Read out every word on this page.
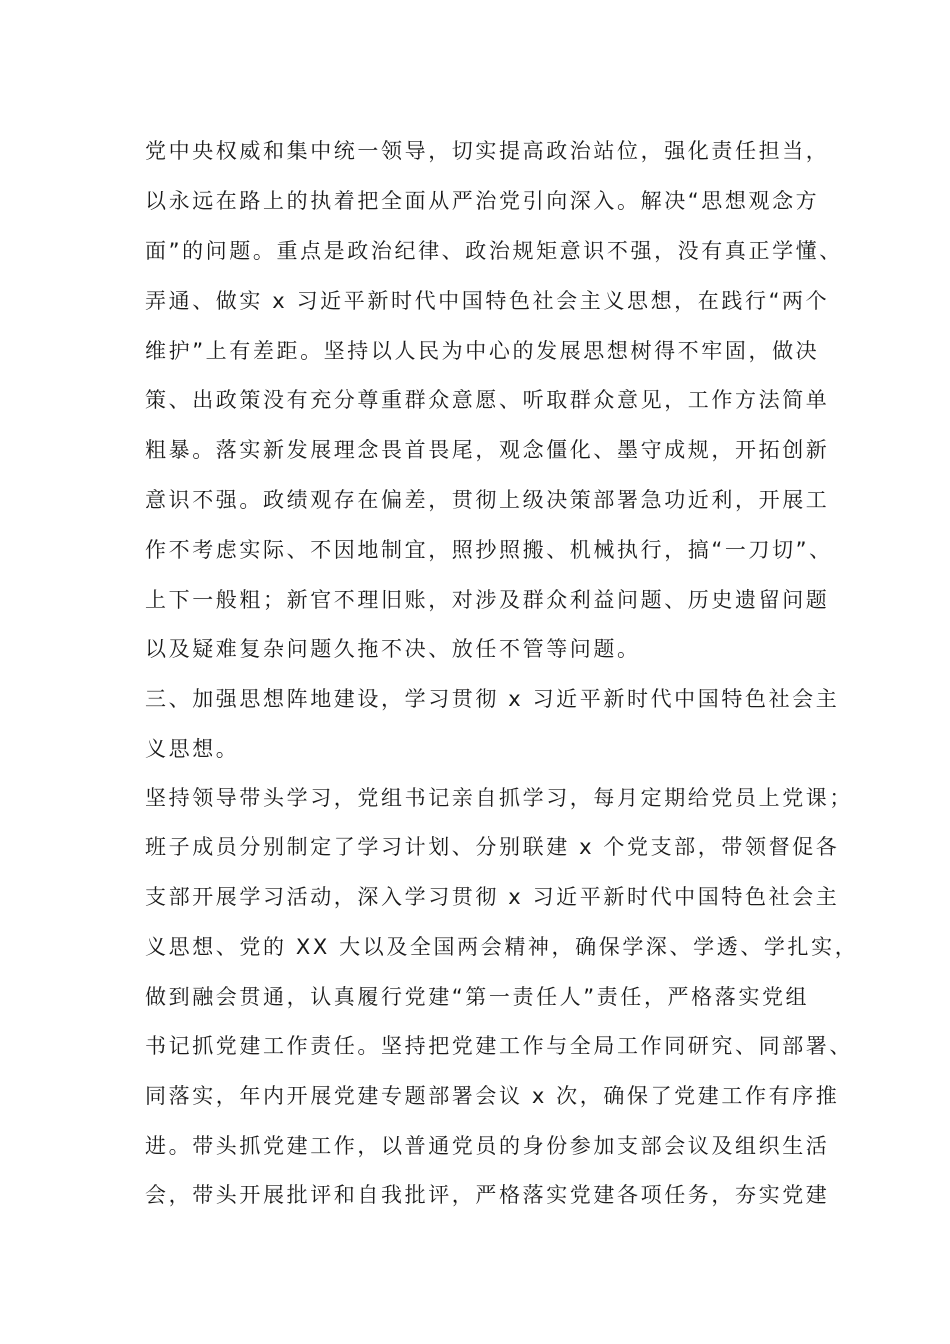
党中央权威和集中统一领导，切实提高政治站位，强化责任担当，
以永远在路上的执着把全面从严治党引向深入。解决“思想观念方
面”的问题。重点是政治纪律、政治规矩意识不强，没有真正学懂、
弄通、做实 x 习近平新时代中国特色社会主义思想，在践行“两个
维护”上有差距。坚持以人民为中心的发展思想树得不牢固，做决
策、出政策没有充分尊重群众意愿、听取群众意见，工作方法简单
粗暴。落实新发展理念畏首畏尾，观念僵化、墨守成规，开拓创新
意识不强。政绩观存在偏差，贯彻上级决策部署急功近利，开展工
作不考虑实际、不因地制宜，照抄照搬、机械执行，搞“一刀切”、
上下一般粗；新官不理旧账，对涉及群众利益问题、历史遗留问题
以及疑难复杂问题久拖不决、放任不管等问题。
三、加强思想阵地建设，学习贯彻 x 习近平新时代中国特色社会主
义思想。
坚持领导带头学习，党组书记亲自抓学习，每月定期给党员上党课；
班子成员分别制定了学习计划、分别联建 x 个党支部，带领督促各
支部开展学习活动，深入学习贯彻 x 习近平新时代中国特色社会主
义思想、党的 XX 大以及全国两会精神，确保学深、学透、学扎实，
做到融会贯通，认真履行党建“第一责任人”责任，严格落实党组
书记抓党建工作责任。坚持把党建工作与全局工作同研究、同部署、
同落实，年内开展党建专题部署会议 x 次，确保了党建工作有序推
进。带头抓党建工作，以普通党员的身份参加支部会议及组织生活
会，带头开展批评和自我批评，严格落实党建各项任务，夯实党建
